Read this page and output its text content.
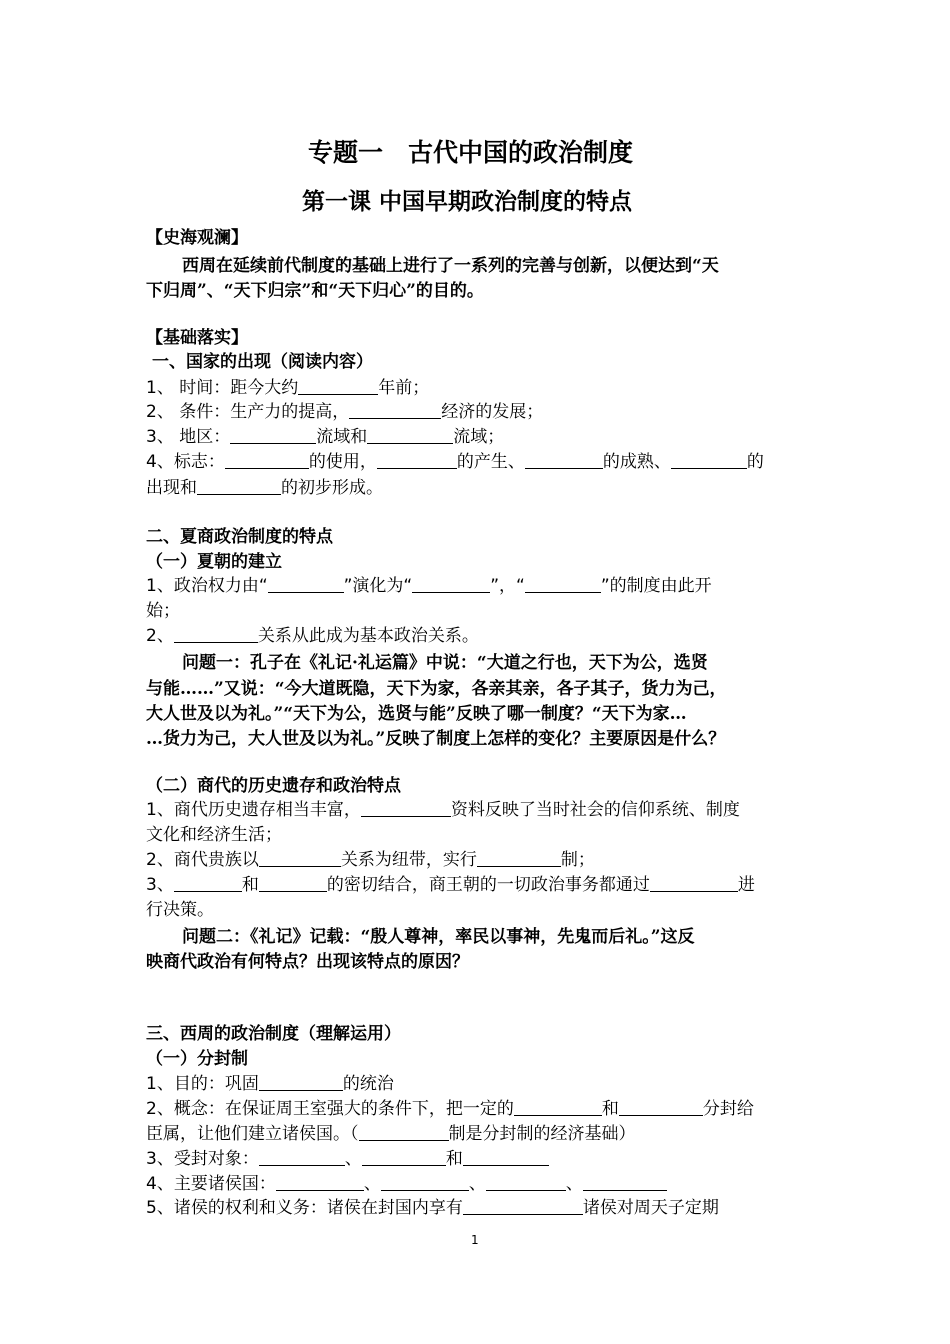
专题一　古代中国的政治制度
第一课 中国早期政治制度的特点
【史海观澜】
西周在延续前代制度的基础上进行了一系列的完善与创新，以便达到“天
下归周”、“天下归宗”和“天下归心”的目的。
【基础落实】
一、国家的出现（阅读内容）
1、 时间：距今大约	年前；
2、 条件：生产力的提高，	经济的发展；
3、 地区：	流域和	流域；
4、标志：	的使用，	的产生、	的成熟、	的
出现和	的初步形成。
二、夏商政治制度的特点
（一）夏朝的建立
1、政治权力由“	”演化为“	”，“	”的制度由此开
始；
2、	关系从此成为基本政治关系。
问题一：孔子在《礼记·礼运篇》中说：“大道之行也，天下为公，选贤
与能……”又说：“今大道既隐，天下为家，各亲其亲，各子其子，货力为己，
大人世及以为礼。”“天下为公，选贤与能”反映了哪一制度？“天下为家…
…货力为己，大人世及以为礼。”反映了制度上怎样的变化？主要原因是什么？
（二）商代的历史遗存和政治特点
1、商代历史遗存相当丰富，	资料反映了当时社会的信仰系统、制度
文化和经济生活；
2、商代贵族以	关系为纽带，实行	制；
3、	和	的密切结合，商王朝的一切政治事务都通过	进
行决策。
问题二：《礼记》记载：“殷人尊神，率民以事神，先鬼而后礼。”这反
映商代政治有何特点？出现该特点的原因？
三、西周的政治制度（理解运用）
（一）分封制
1、目的：巩固	的统治
2、概念：在保证周王室强大的条件下，把一定的	和	分封给
臣属，让他们建立诸侯国。（	制是分封制的经济基础）
3、受封对象：	、	和
4、主要诸侯国：	、	、	、
5、诸侯的权利和义务：诸侯在封国内享有	诸侯对周天子定期
1
